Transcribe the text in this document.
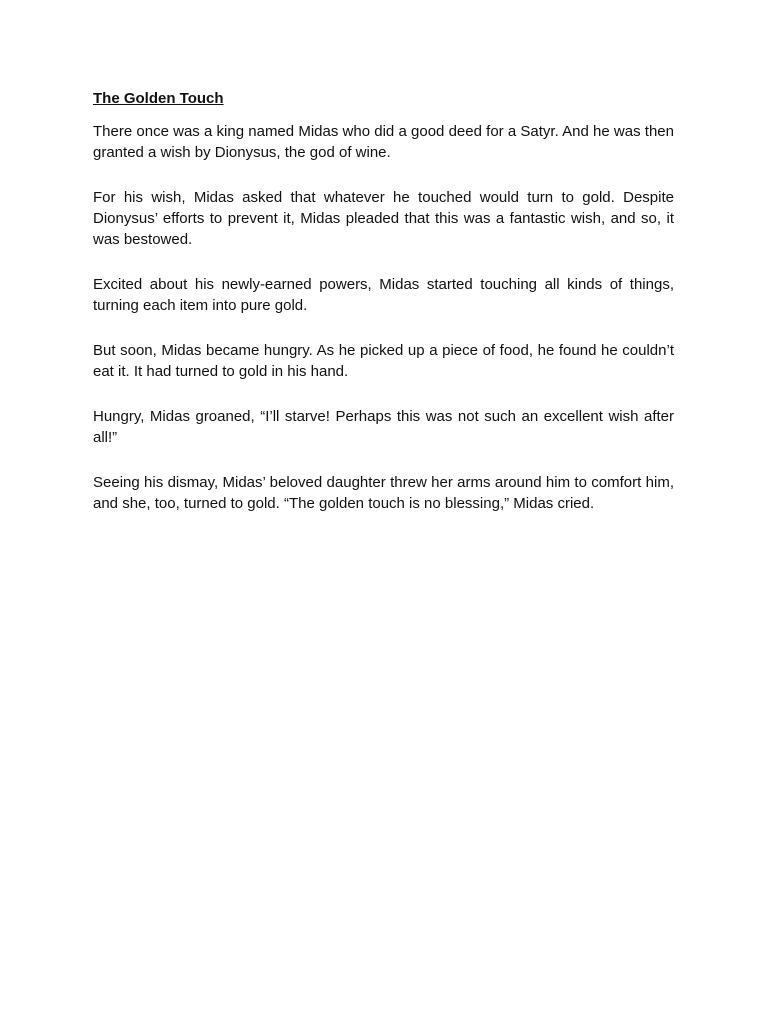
The Golden Touch

There once was a king named Midas who did a good deed for a Satyr. And he was then granted a wish by Dionysus, the god of wine.

For his wish, Midas asked that whatever he touched would turn to gold. Despite Dionysus’ efforts to prevent it, Midas pleaded that this was a fantastic wish, and so, it was bestowed.

Excited about his newly-earned powers, Midas started touching all kinds of things, turning each item into pure gold.

But soon, Midas became hungry. As he picked up a piece of food, he found he couldn’t eat it. It had turned to gold in his hand.

Hungry, Midas groaned, “I’ll starve! Perhaps this was not such an excellent wish after all!”

Seeing his dismay, Midas’ beloved daughter threw her arms around him to comfort him, and she, too, turned to gold. “The golden touch is no blessing,” Midas cried.
